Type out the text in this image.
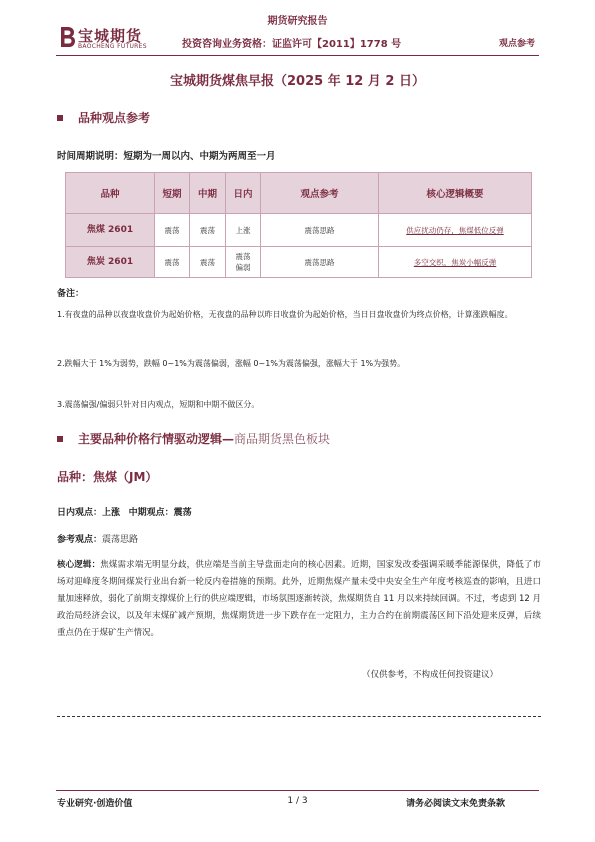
期货研究报告
宝城期货
BAOCHENG FUTURES	投资咨询业务资格：证监许可【2011】1778 号	观点参考
宝城期货煤焦早报（2025 年 12 月 2 日）
品种观点参考
时间周期说明：短期为一周以内、中期为两周至一月
品种	短期	中期	日内	观点参考	核心逻辑概要
焦煤 2601	震荡	震荡	上涨	震荡思路	供应扰动仍存，焦煤低位反弹
焦炭 2601	震荡	震荡	震荡偏弱	震荡思路	多空交织，焦炭小幅反弹
备注：
1.有夜盘的品种以夜盘收盘价为起始价格，无夜盘的品种以昨日收盘价为起始价格，当日日盘收盘价为终点价格，计算涨跌幅度。
2.跌幅大于 1%为弱势，跌幅 0~1%为震荡偏弱，涨幅 0~1%为震荡偏强，涨幅大于 1%为强势。
3.震荡偏强/偏弱只针对日内观点，短期和中期不做区分。
主要品种价格行情驱动逻辑—商品期货黑色板块
品种：焦煤（JM）
日内观点：上涨 中期观点：震荡
参考观点：震荡思路
核心逻辑：焦煤需求端无明显分歧，供应端是当前主导盘面走向的核心因素。近期，国家发改委强调采暖季能源保供，降低了市场对迎峰度冬期间煤炭行业出台新一轮反内卷措施的预期。此外，近期焦煤产量未受中央安全生产年度考核巡查的影响，且进口量加速释放，弱化了前期支撑煤价上行的供应端逻辑，市场氛围逐渐转淡，焦煤期货自 11 月以来持续回调。不过，考虑到 12 月政治局经济会议，以及年末煤矿减产预期，焦煤期货进一步下跌存在一定阻力，主力合约在前期震荡区间下沿处迎来反弹，后续重点仍在于煤矿生产情况。
（仅供参考，不构成任何投资建议）
专业研究·创造价值	1 / 3	请务必阅读文末免责条款
